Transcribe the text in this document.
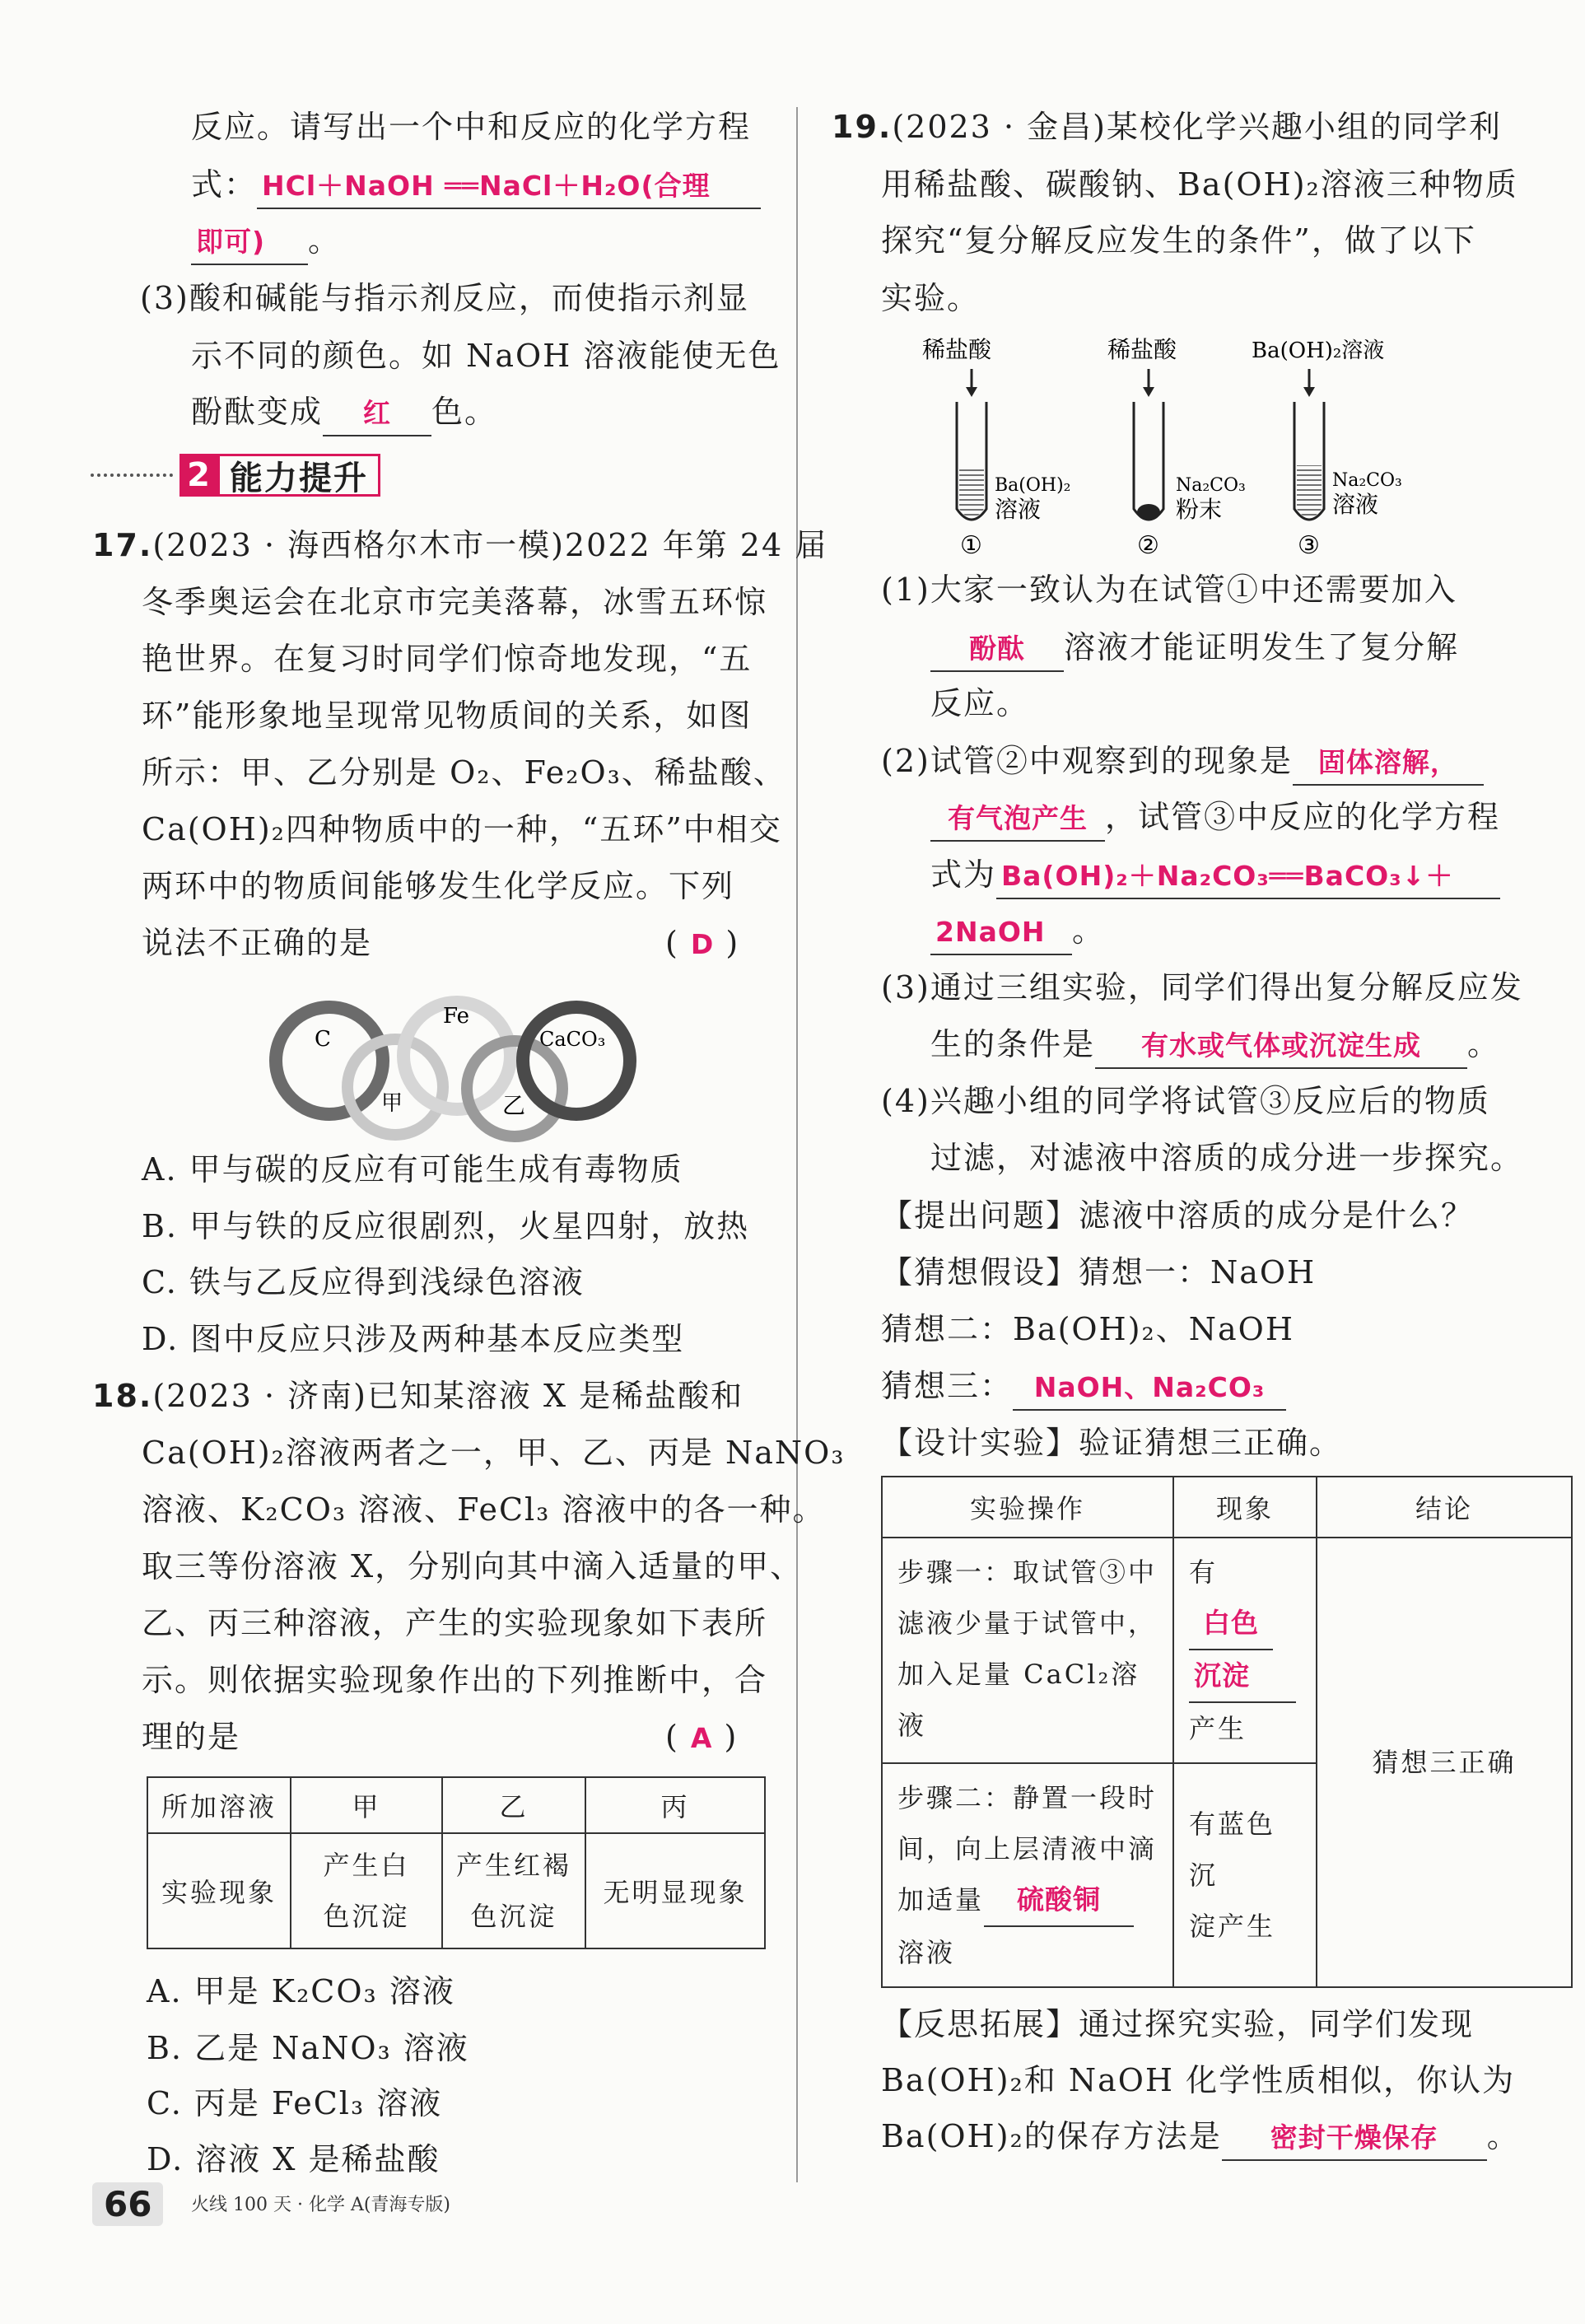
反应。请写出一个中和反应的化学方程
式： HCl＋NaOH ══NaCl＋H₂O(合理
即可) 。
(3)酸和碱能与指示剂反应，而使指示剂显
示不同的颜色。如 NaOH 溶液能使无色
酚酞变成 红 色。
2 能力提升
17.(2023 · 海西格尔木市一模)2022 年第 24 届
冬季奥运会在北京市完美落幕，冰雪五环惊
艳世界。在复习时同学们惊奇地发现，“五
环”能形象地呈现常见物质间的关系，如图
所示：甲、乙分别是 O₂、Fe₂O₃、稀盐酸、
Ca(OH)₂四种物质中的一种，“五环”中相交
两环中的物质间能够发生化学反应。下列
说法不正确的是	( D )
C
Fe
CaCO₃
甲	乙
A. 甲与碳的反应有可能生成有毒物质
B. 甲与铁的反应很剧烈，火星四射，放热
C. 铁与乙反应得到浅绿色溶液
D. 图中反应只涉及两种基本反应类型
18.(2023 · 济南)已知某溶液 X 是稀盐酸和
Ca(OH)₂溶液两者之一，甲、乙、丙是 NaNO₃
溶液、K₂CO₃ 溶液、FeCl₃ 溶液中的各一种。
取三等份溶液 X，分别向其中滴入适量的甲、
乙、丙三种溶液，产生的实验现象如下表所
示。则依据实验现象作出的下列推断中，合
理的是	( A )
所加溶液	甲	乙	丙
实验现象	产生白
色沉淀	产生红褐
色沉淀	无明显现象
A. 甲是 K₂CO₃ 溶液
B. 乙是 NaNO₃ 溶液
C. 丙是 FeCl₃ 溶液
D. 溶液 X 是稀盐酸
19.(2023 · 金昌)某校化学兴趣小组的同学利
用稀盐酸、碳酸钠、Ba(OH)₂溶液三种物质
探究“复分解反应发生的条件”，做了以下
实验。
稀盐酸
Ba(OH)₂
溶液
①
稀盐酸
Na₂CO₃
粉末
②
Ba(OH)₂溶液
Na₂CO₃
溶液
③
(1)大家一致认为在试管①中还需要加入
酚酞 溶液才能证明发生了复分解
反应。
(2)试管②中观察到的现象是 固体溶解，
有气泡产生 ，试管③中反应的化学方程
式为 Ba(OH)₂＋Na₂CO₃══BaCO₃↓＋
2NaOH 。
(3)通过三组实验，同学们得出复分解反应发
生的条件是 有水或气体或沉淀生成 。
(4)兴趣小组的同学将试管③反应后的物质
过滤，对滤液中溶质的成分进一步探究。
【提出问题】滤液中溶质的成分是什么？
【猜想假设】猜想一：NaOH
猜想二：Ba(OH)₂、NaOH
猜想三： NaOH、Na₂CO₃
【设计实验】验证猜想三正确。
实验操作	现象	结论
步骤一：取试管③中
滤液少量于试管中，
加入足量 CaCl₂溶液	有白色
沉淀
产生	猜想三正确
步骤二：静置一段时
间，向上层清液中滴
加适量 硫酸铜
溶液	有蓝色沉
淀产生	
【反思拓展】通过探究实验，同学们发现
Ba(OH)₂和 NaOH 化学性质相似，你认为
Ba(OH)₂的保存方法是 密封干燥保存 。
66	火线 100 天 · 化学 A(青海专版)
